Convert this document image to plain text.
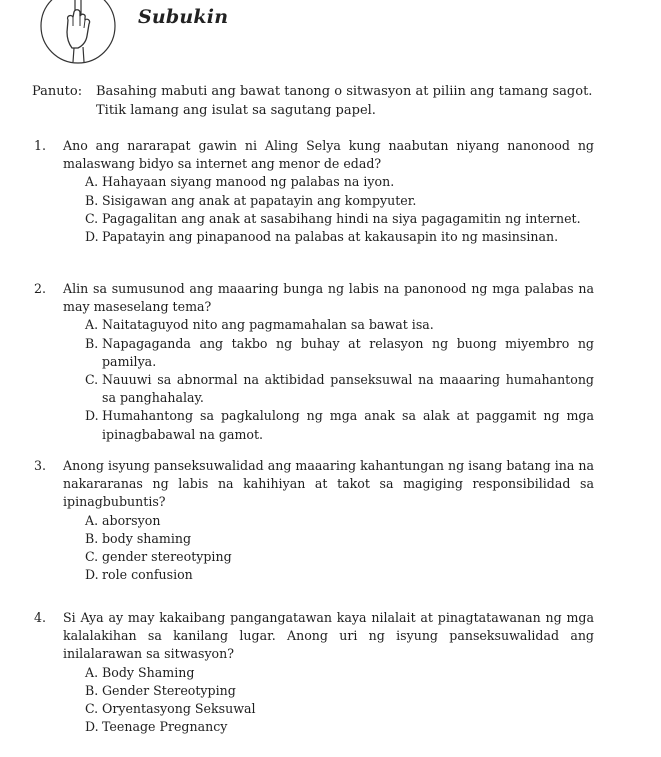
Subukin
Panuto: Basahing mabuti ang bawat tanong o sitwasyon at piliin ang tamang sagot.
Titik lamang ang isulat sa sagutang papel.
1.	Ano ang nararapat gawin ni Aling Selya kung naabutan niyang nanonood ng malaswang bidyo sa internet ang menor de edad?
A. Hahayaan siyang manood ng palabas na iyon.
B. Sisigawan ang anak at papatayin ang kompyuter.
C. Pagagalitan ang anak at sasabihang hindi na siya pagagamitin ng internet.
D. Papatayin ang pinapanood na palabas at kakausapin ito ng masinsinan.
2.	Alin sa sumusunod ang maaaring bunga ng labis na panonood ng mga palabas na may maseselang tema?
A. Naitataguyod nito ang pagmamahalan sa bawat isa.
B. Napagaganda ang takbo ng buhay at relasyon ng buong miyembro ng pamilya.
C. Nauuwi sa abnormal na aktibidad panseksuwal na maaaring humahantong sa panghahalay.
D. Humahantong sa pagkalulong ng mga anak sa alak at paggamit ng mga ipinagbabawal na gamot.
3.	Anong isyung panseksuwalidad ang maaaring kahantungan ng isang batang ina na nakararanas ng labis na kahihiyan at takot sa magiging responsibilidad sa ipinagbubuntis?
A. aborsyon
B. body shaming
C. gender stereotyping
D. role confusion
4.	Si Aya ay may kakaibang pangangatawan kaya nilalait at pinagtatawanan ng mga kalalakihan sa kanilang lugar. Anong uri ng isyung panseksuwalidad ang inilalarawan sa sitwasyon?
A. Body Shaming
B. Gender Stereotyping
C. Oryentasyong Seksuwal
D. Teenage Pregnancy
